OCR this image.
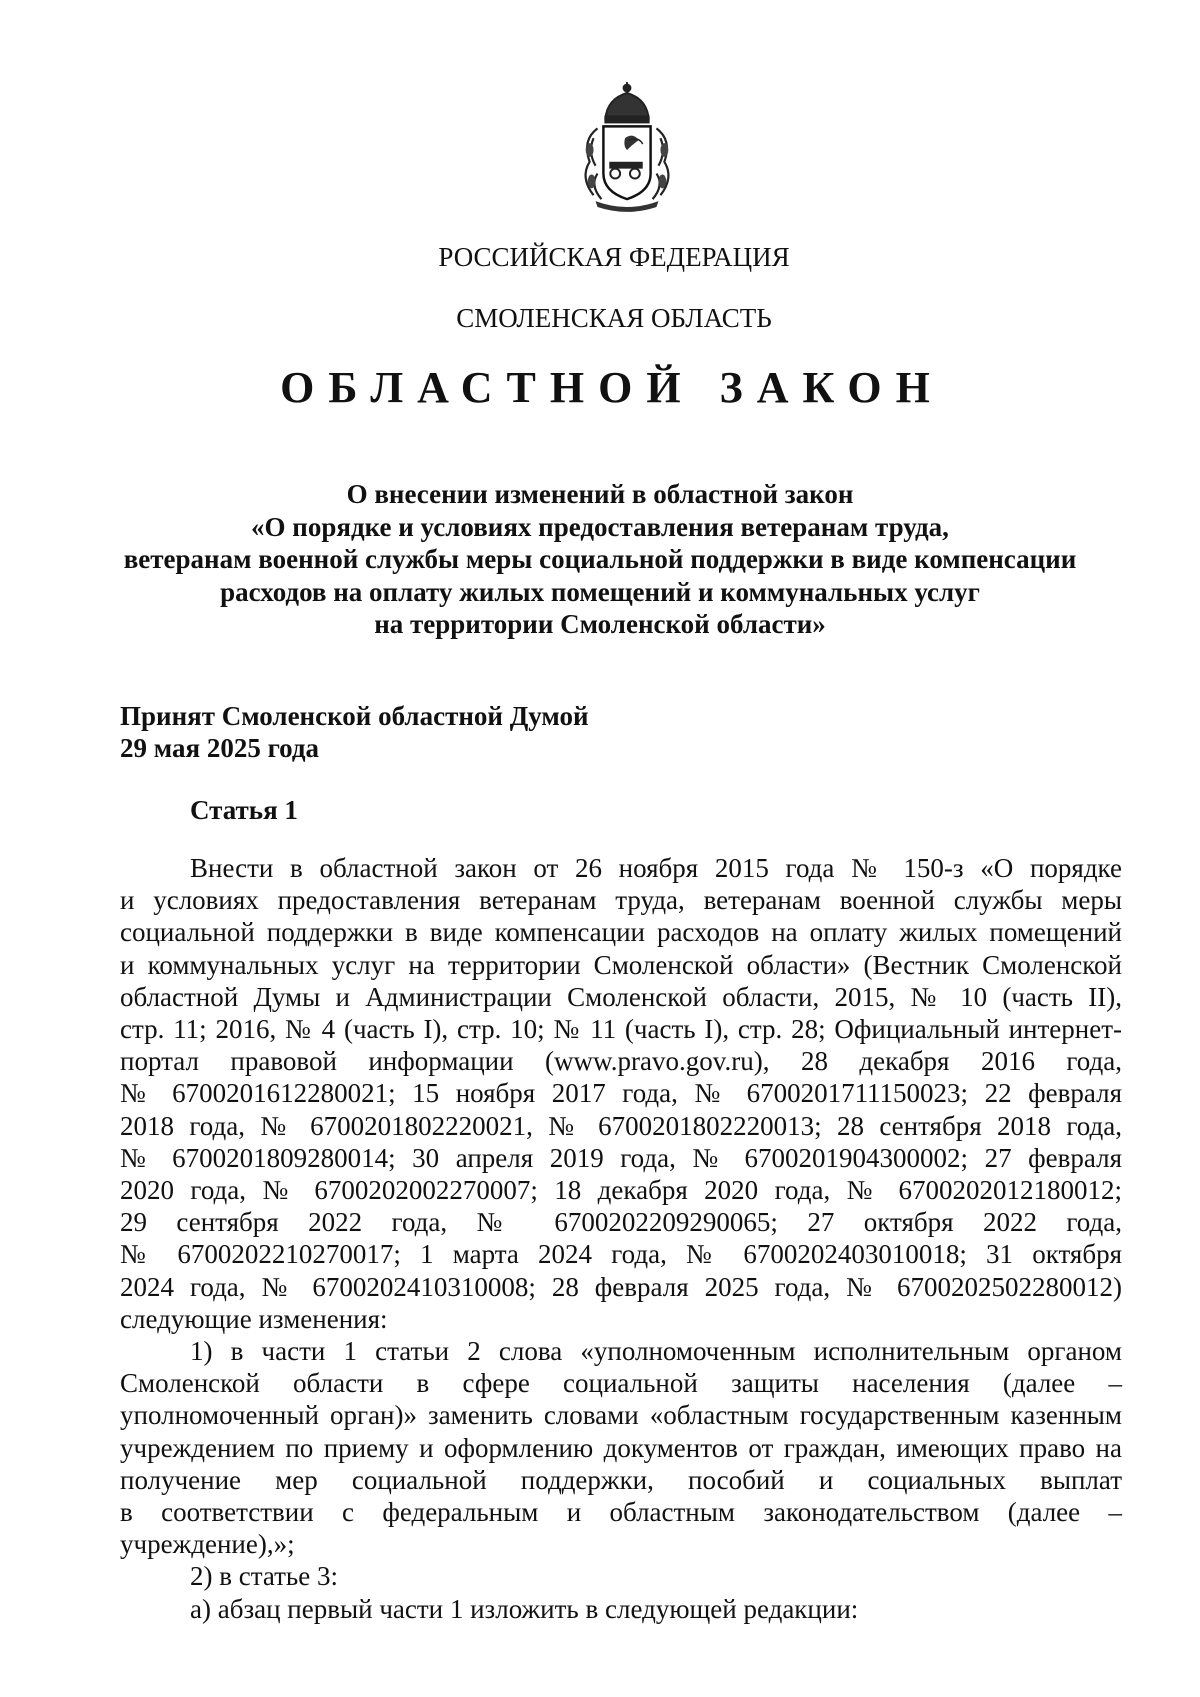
РОССИЙСКАЯ ФЕДЕРАЦИЯ
СМОЛЕНСКАЯ ОБЛАСТЬ
ОБЛАСТНОЙ ЗАКОН
О внесении изменений в областной закон
«О порядке и условиях предоставления ветеранам труда,
ветеранам военной службы меры социальной поддержки в виде компенсации
расходов на оплату жилых помещений и коммунальных услуг
на территории Смоленской области»
Принят Смоленской областной Думой
29 мая 2025 года
Статья 1
Внести в областной закон от 26 ноября 2015 года № 150-з «О порядке
и условиях предоставления ветеранам труда, ветеранам военной службы меры
социальной поддержки в виде компенсации расходов на оплату жилых помещений
и коммунальных услуг на территории Смоленской области» (Вестник Смоленской
областной Думы и Администрации Смоленской области, 2015, № 10 (часть II),
стр. 11; 2016, № 4 (часть I), стр. 10; № 11 (часть I), стр. 28; Официальный интернет-
портал правовой информации (www.pravo.gov.ru), 28 декабря 2016 года,
№ 6700201612280021; 15 ноября 2017 года, № 6700201711150023; 22 февраля
2018 года, № 6700201802220021, № 6700201802220013; 28 сентября 2018 года,
№ 6700201809280014; 30 апреля 2019 года, № 6700201904300002; 27 февраля
2020 года, № 6700202002270007; 18 декабря 2020 года, № 6700202012180012;
29 сентября 2022 года, № 6700202209290065; 27 октября 2022 года,
№ 6700202210270017; 1 марта 2024 года, № 6700202403010018; 31 октября
2024 года, № 6700202410310008; 28 февраля 2025 года, № 6700202502280012)
следующие изменения:
1) в части 1 статьи 2 слова «уполномоченным исполнительным органом
Смоленской области в сфере социальной защиты населения (далее –
уполномоченный орган)» заменить словами «областным государственным казенным
учреждением по приему и оформлению документов от граждан, имеющих право на
получение мер социальной поддержки, пособий и социальных выплат
в соответствии с федеральным и областным законодательством (далее –
учреждение),»;
2) в статье 3:
а) абзац первый части 1 изложить в следующей редакции:
